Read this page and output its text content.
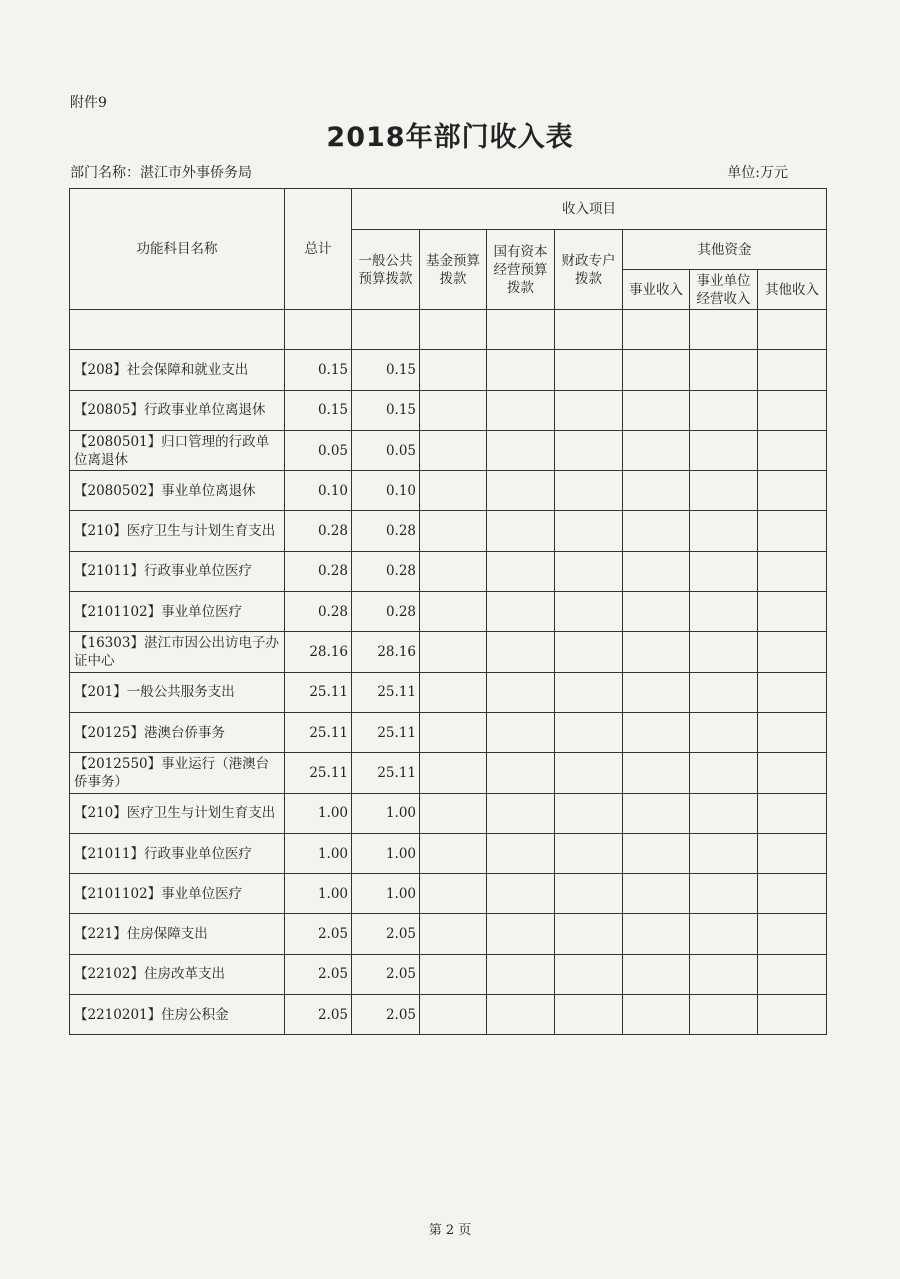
附件9
2018年部门收入表
部门名称：湛江市外事侨务局	单位:万元
功能科目名称	总计	收入项目						
		一般公共预算拨款	基金预算拨款	国有资本经营预算拨款	财政专户拨款	其他资金		
						事业收入	事业单位经营收入	其他收入

【208】社会保障和就业支出	0.15	0.15						
【20805】行政事业单位离退休	0.15	0.15						
【2080501】归口管理的行政单位离退休	0.05	0.05						
【2080502】事业单位离退休	0.10	0.10						
【210】医疗卫生与计划生育支出	0.28	0.28						
【21011】行政事业单位医疗	0.28	0.28						
【2101102】事业单位医疗	0.28	0.28						
【16303】湛江市因公出访电子办证中心	28.16	28.16						
【201】一般公共服务支出	25.11	25.11						
【20125】港澳台侨事务	25.11	25.11						
【2012550】事业运行（港澳台侨事务）	25.11	25.11						
【210】医疗卫生与计划生育支出	1.00	1.00						
【21011】行政事业单位医疗	1.00	1.00						
【2101102】事业单位医疗	1.00	1.00						
【221】住房保障支出	2.05	2.05						
【22102】住房改革支出	2.05	2.05						
【2210201】住房公积金	2.05	2.05						
第 2 页
